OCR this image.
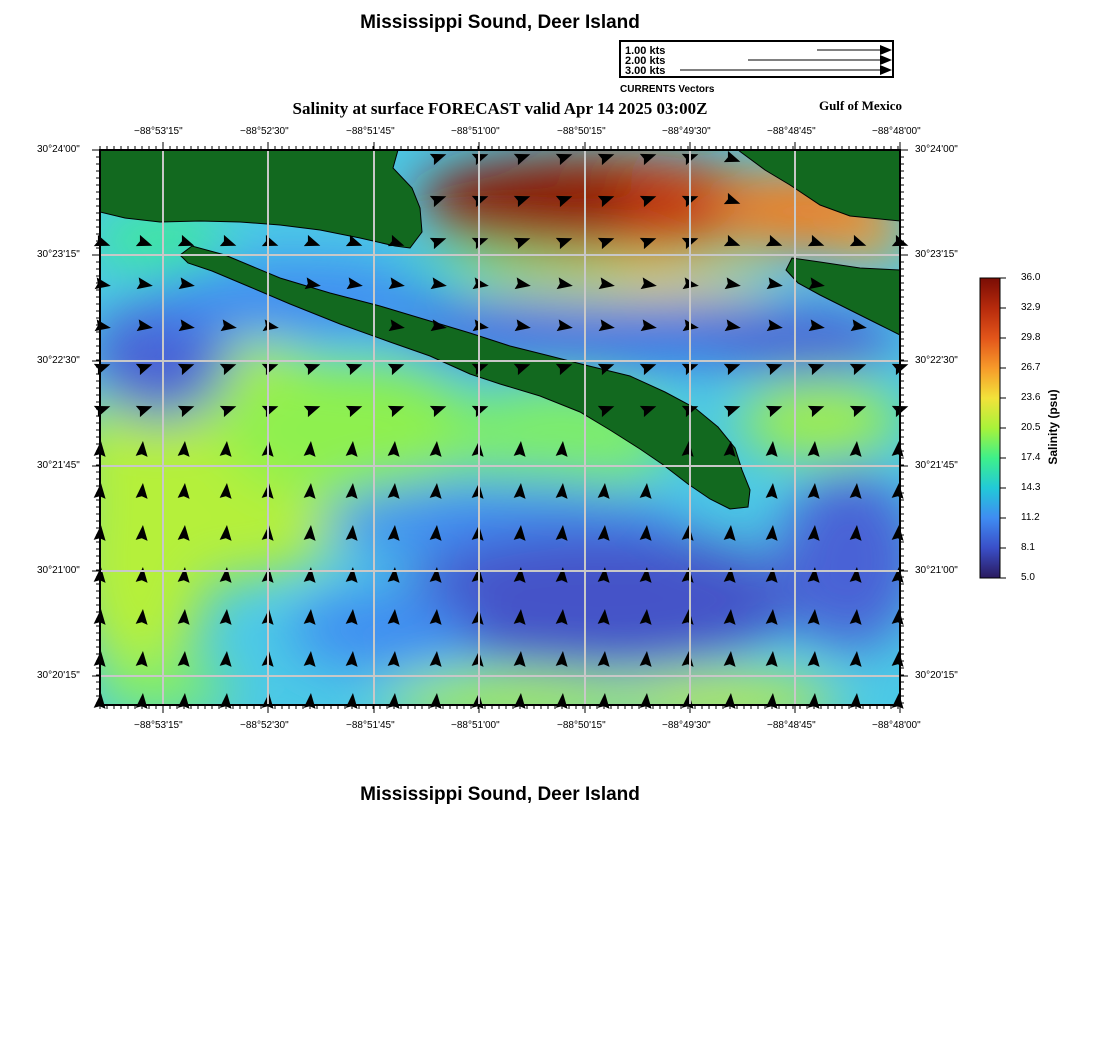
Mississippi Sound, Deer Island
1.00 kts
2.00 kts
3.00 kts
CURRENTS Vectors
Salinity at surface FORECAST valid Apr 14 2025 03:00Z	Gulf of Mexico
−88°53'15"	−88°52'30"	−88°51'45"	−88°51'00"	−88°50'15"	−88°49'30"	−88°48'45"	−88°48'00"
−88°53'15"	−88°52'30"	−88°51'45"	−88°51'00"	−88°50'15"	−88°49'30"	−88°48'45"	−88°48'00"
30°24'00"
30°23'15"
30°22'30"
30°21'45"
30°21'00"
30°20'15"
30°24'00"
30°23'15"
30°22'30"
30°21'45"
30°21'00"
30°20'15"
36.0
32.9
29.8
26.7
23.6
20.5
17.4
14.3
11.2
8.1
5.0
Salinity (psu)
Mississippi Sound, Deer Island
